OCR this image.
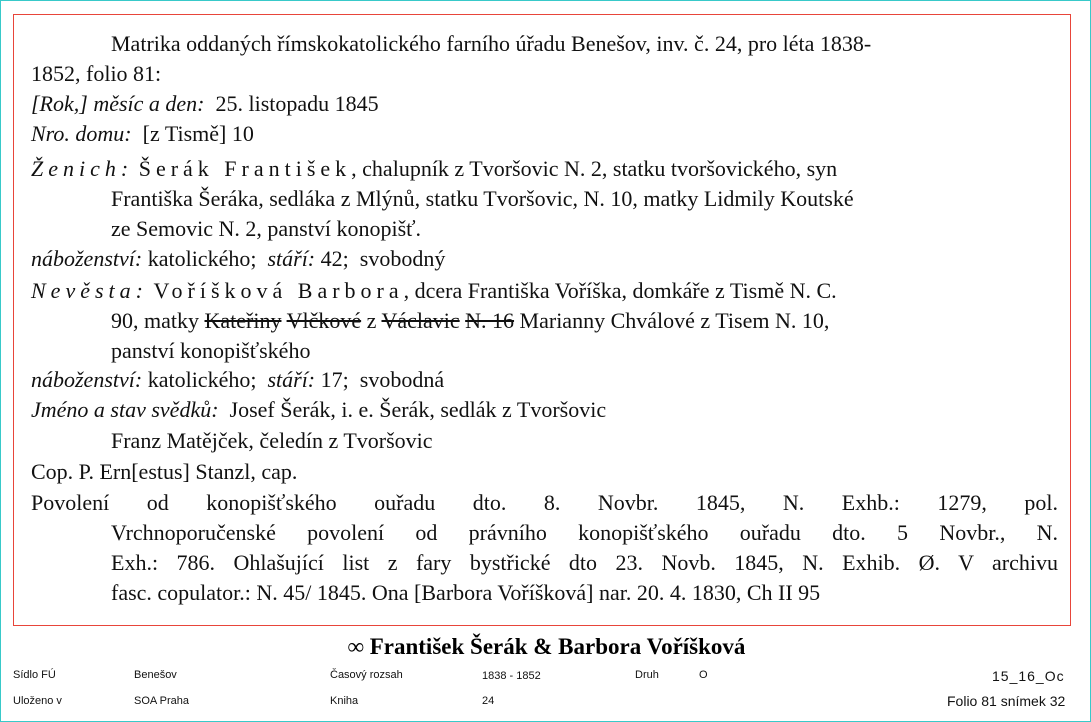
Matrika oddaných římskokatolického farního úřadu Benešov, inv. č. 24, pro léta 1838-
1852, folio 81:
[Rok,] měsíc a den: 25. listopadu 1845
Nro. domu: [z Tismě] 10
Ženich: Šerák František, chalupník z Tvoršovic N. 2, statku tvoršovického, syn
Františka Šeráka, sedláka z Mlýnů, statku Tvoršovic, N. 10, matky Lidmily Koutské
ze Semovic N. 2, panství konopišť.
náboženství: katolického; stáří: 42; svobodný
Nevěsta: Voříšková Barbora, dcera Františka Voříška, domkáře z Tismě N. C.
90, matky Kateřiny Vlčkové z Václavic N. 16 Marianny Chválové z Tisem N. 10,
panství konopišťského
náboženství: katolického; stáří: 17; svobodná
Jméno a stav svědků: Josef Šerák, i. e. Šerák, sedlák z Tvoršovic
Franz Matějček, čeledín z Tvoršovic
Cop. P. Ern[estus] Stanzl, cap.
Povolení od konopišťského ouřadu dto. 8. Novbr. 1845, N. Exhb.: 1279, pol.
Vrchnoporučenské povolení od právního konopišťského ouřadu dto. 5 Novbr., N.
Exh.: 786. Ohlašující list z fary bystřické dto 23. Novb. 1845, N. Exhib. Ø. V archivu
fasc. copulator.: N. 45/ 1845. Ona [Barbora Voříšková] nar. 20. 4. 1830, Ch II 95
∞ František Šerák & Barbora Voříšková
Sídlo FÚ	Benešov	Časový rozsah	1838 - 1852	Druh	O	15_16_Oc
Uloženo v	SOA Praha	Kniha	24	Folio 81 snímek 32
